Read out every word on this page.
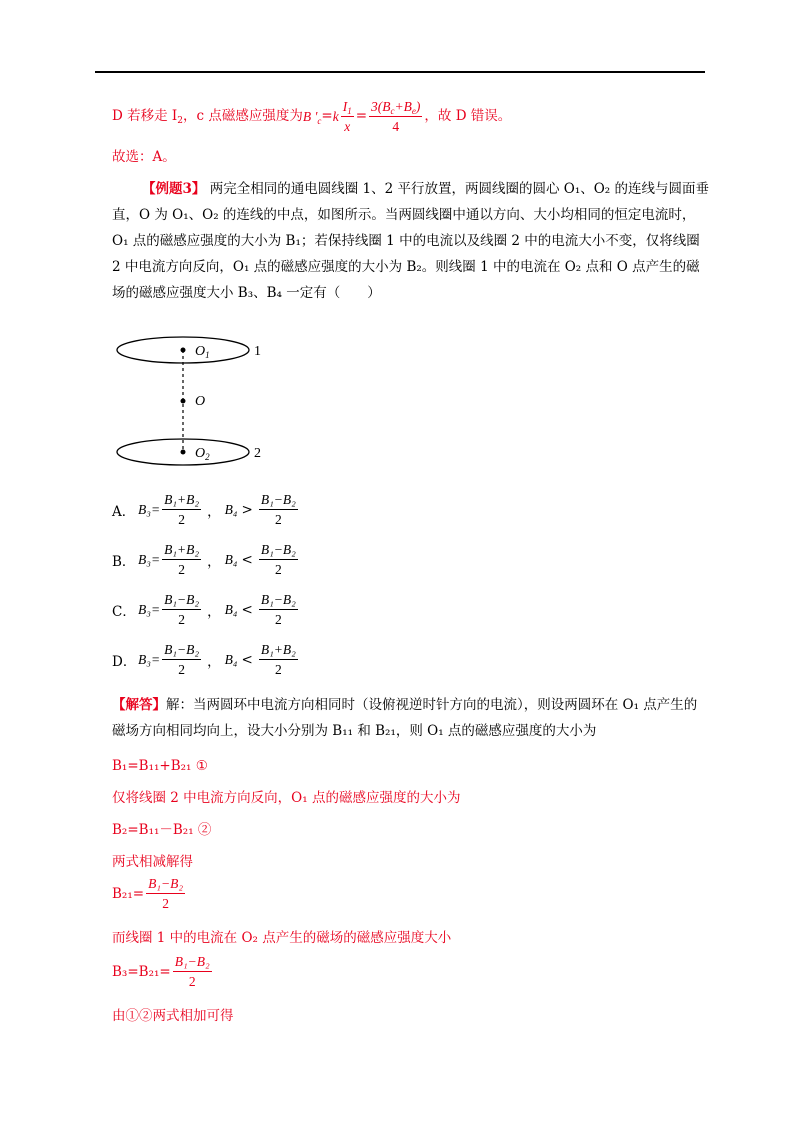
D 若移走 $I_2$ ，c 点磁感应强度为 B $'_c = k \frac{I_1}{x} = \frac{3(B_c+B_e)}{4}$ ，故 D 错误。
故选：A。
【例题3】 两完全相同的通电圆线圈 1、2 平行放置，两圆线圈的圆心 O₁、O₂ 的连线与圆面垂直，O 为 O₁、O₂ 的连线的中点，如图所示。当两圆线圈中通以方向、大小均相同的恒定电流时，O₁ 点的磁感应强度的大小为 B₁；若保持线圈 1 中的电流以及线圈 2 中的电流大小不变，仅将线圈 2 中电流方向反向，O₁ 点的磁感应强度的大小为 B₂。则线圈 1 中的电流在 O₂ 点和 O 点产生的磁场的磁感应强度大小 B₃、B₄ 一定有（　　）
$O_1$
O
$O_2$
1
2
A． $B_3= \frac{\text{B₁+B₂}}{2}$ ， $B_4 > \frac{\text{B₁−B₂}}{2}$
B． $B_3= \frac{\text{B₁+B₂}}{2}$ ， $B_4 < \frac{\text{B₁−B₂}}{2}$
C． $B_3= \frac{\text{B₁−B₂}}{2}$ ， $B_4 < \frac{\text{B₁−B₂}}{2}$
D． $B_3= \frac{\text{B₁−B₂}}{2}$ ， $B_4 < \frac{\text{B₁+B₂}}{2}$
【解答】解：当两圆环中电流方向相同时（设俯视逆时针方向的电流），则设两圆环在 O₁ 点产生的磁场方向相同均向上，设大小分别为 B₁₁ 和 B₂₁，则 O₁ 点的磁感应强度的大小为
B₁=B₁₁+B₂₁ ①
仅将线圈 2 中电流方向反向，O₁ 点的磁感应强度的大小为
B₂=B₁₁－B₂₁ ②
两式相减解得
$B_{21}= \frac{\text{B₁−B₂}}{2}$
而线圈 1 中的电流在 O₂ 点产生的磁场的磁感应强度大小
$B_3=B_{21}= \frac{\text{B₁−B₂}}{2}$
由①②两式相加可得
